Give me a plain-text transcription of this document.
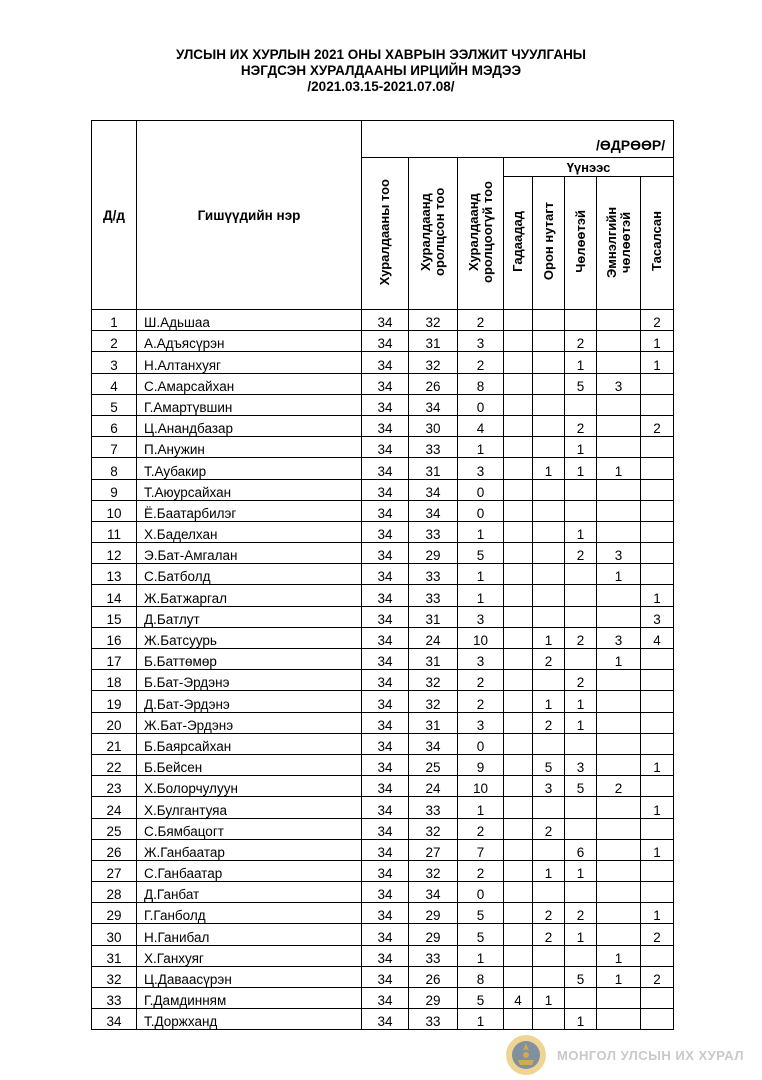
УЛСЫН ИХ ХУРЛЫН 2021 ОНЫ ХАВРЫН ЭЭЛЖИТ ЧУУЛГАНЫ
НЭГДСЭН ХУРАЛДААНЫ ИРЦИЙН МЭДЭЭ
/2021.03.15-2021.07.08/
Д/д	Гишүүдийн нэр	/ӨДРӨӨР/							
		Хуралдааны тоо	Хуралдаанд оролцсон тоо	Хуралдаанд оролцоогүй тоо	Үүнээс				
					Гадаадад	Орон нутагт	Чөлөөтэй	Эмнэлгийн чөлөөтэй	Тасалсан
1	Ш.Адьшаа	34	32	2					2
2	А.Адъясүрэн	34	31	3			2		1
3	Н.Алтанхуяг	34	32	2			1		1
4	С.Амарсайхан	34	26	8			5	3	
5	Г.Амартүвшин	34	34	0					
6	Ц.Анандбазар	34	30	4			2		2
7	П.Анужин	34	33	1			1		
8	Т.Аубакир	34	31	3		1	1	1	
9	Т.Аюурсайхан	34	34	0					
10	Ё.Баатарбилэг	34	34	0					
11	Х.Баделхан	34	33	1			1		
12	Э.Бат-Амгалан	34	29	5			2	3	
13	С.Батболд	34	33	1				1	
14	Ж.Батжаргал	34	33	1					1
15	Д.Батлут	34	31	3					3
16	Ж.Батсуурь	34	24	10		1	2	3	4
17	Б.Баттөмөр	34	31	3		2		1	
18	Б.Бат-Эрдэнэ	34	32	2			2		
19	Д.Бат-Эрдэнэ	34	32	2		1	1		
20	Ж.Бат-Эрдэнэ	34	31	3		2	1		
21	Б.Баярсайхан	34	34	0					
22	Б.Бейсен	34	25	9		5	3		1
23	Х.Болорчулуун	34	24	10		3	5	2	
24	Х.Булгантуяа	34	33	1					1
25	С.Бямбацогт	34	32	2		2			
26	Ж.Ганбаатар	34	27	7			6		1
27	С.Ганбаатар	34	32	2		1	1		
28	Д.Ганбат	34	34	0					
29	Г.Ганболд	34	29	5		2	2		1
30	Н.Ганибал	34	29	5		2	1		2
31	Х.Ганхуяг	34	33	1				1	
32	Ц.Даваасүрэн	34	26	8			5	1	2
33	Г.Дамдинням	34	29	5	4	1			
34	Т.Доржханд	34	33	1			1		
МОНГОЛ УЛСЫН ИХ ХУРАЛ
